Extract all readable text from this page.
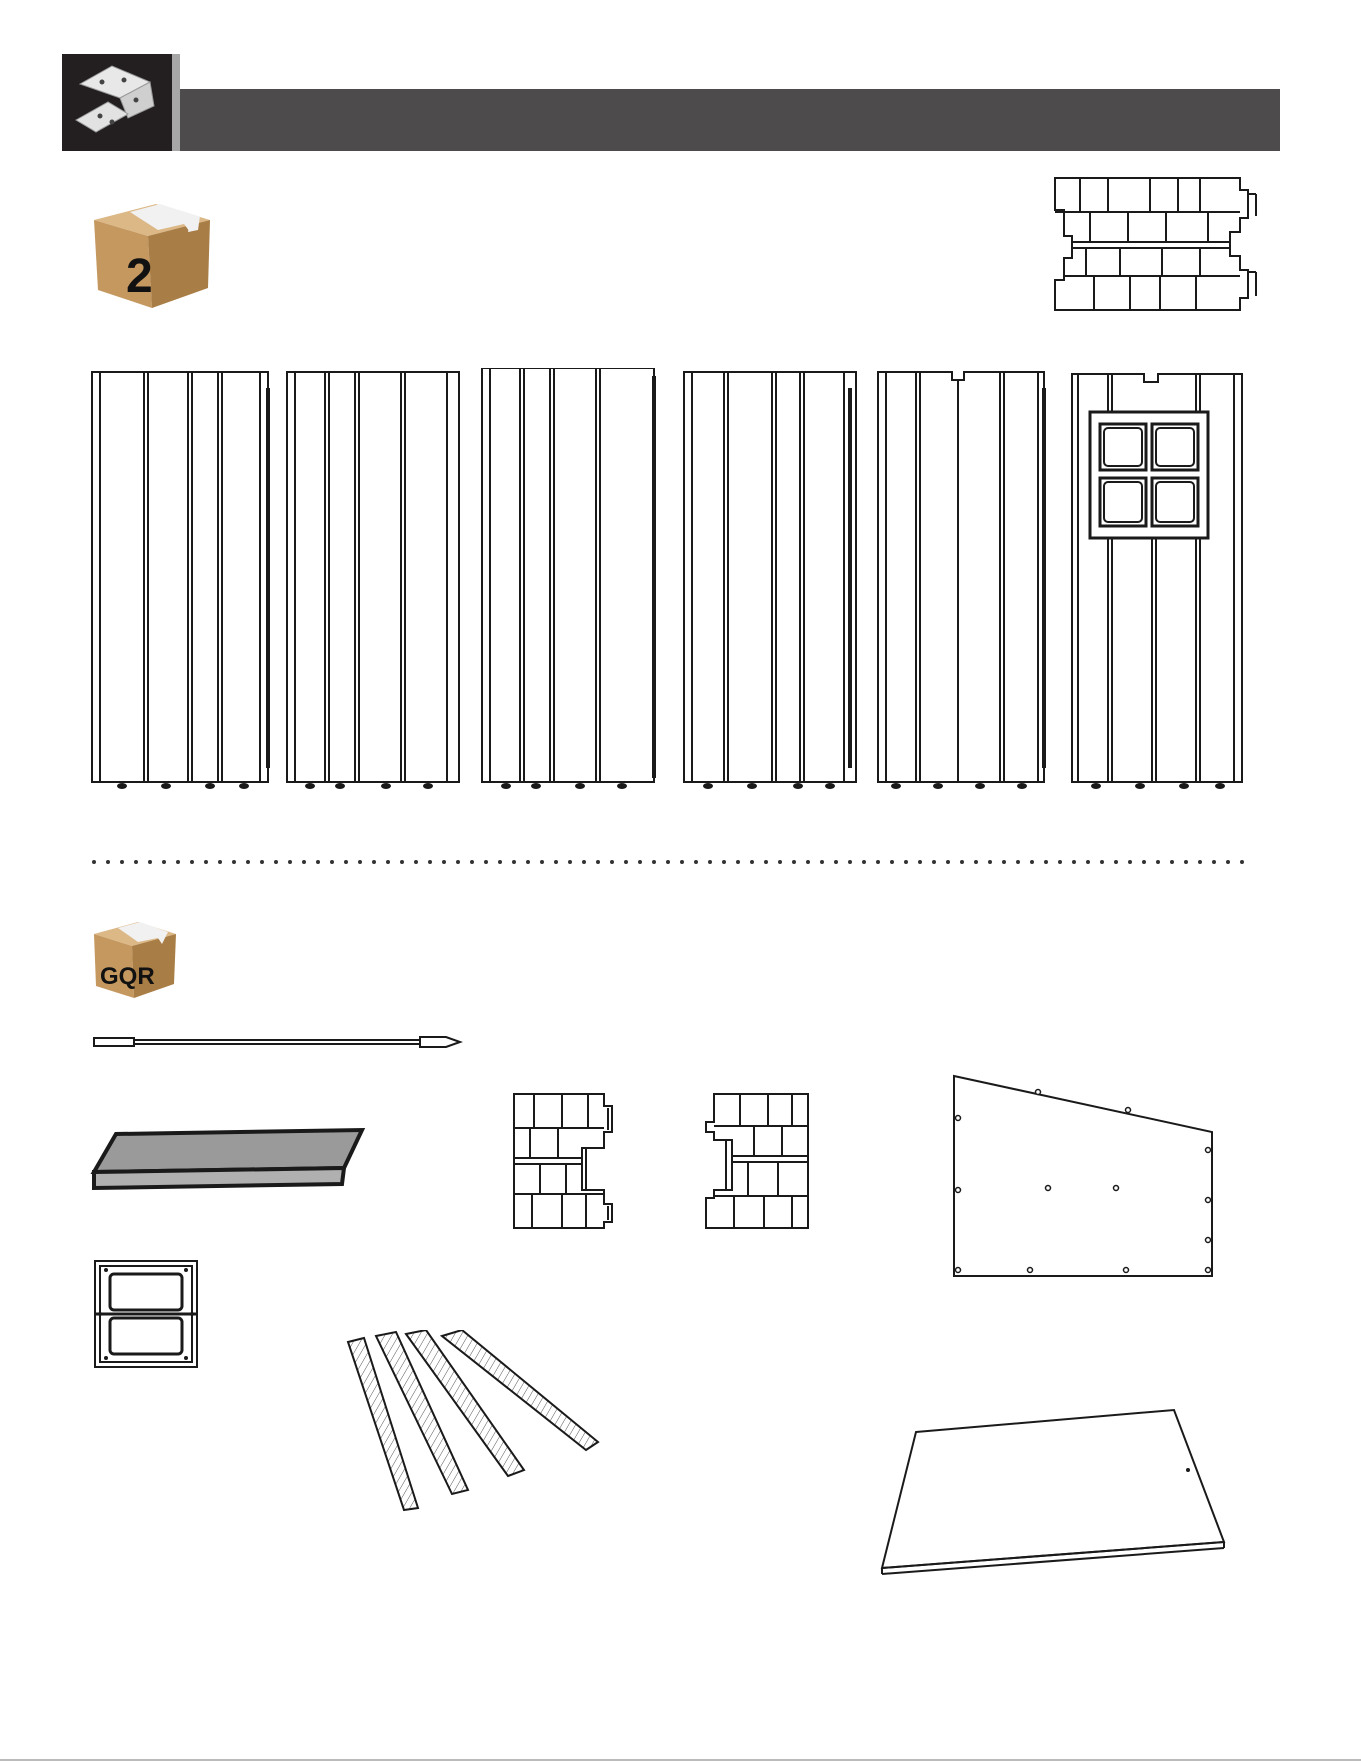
2
GQR
